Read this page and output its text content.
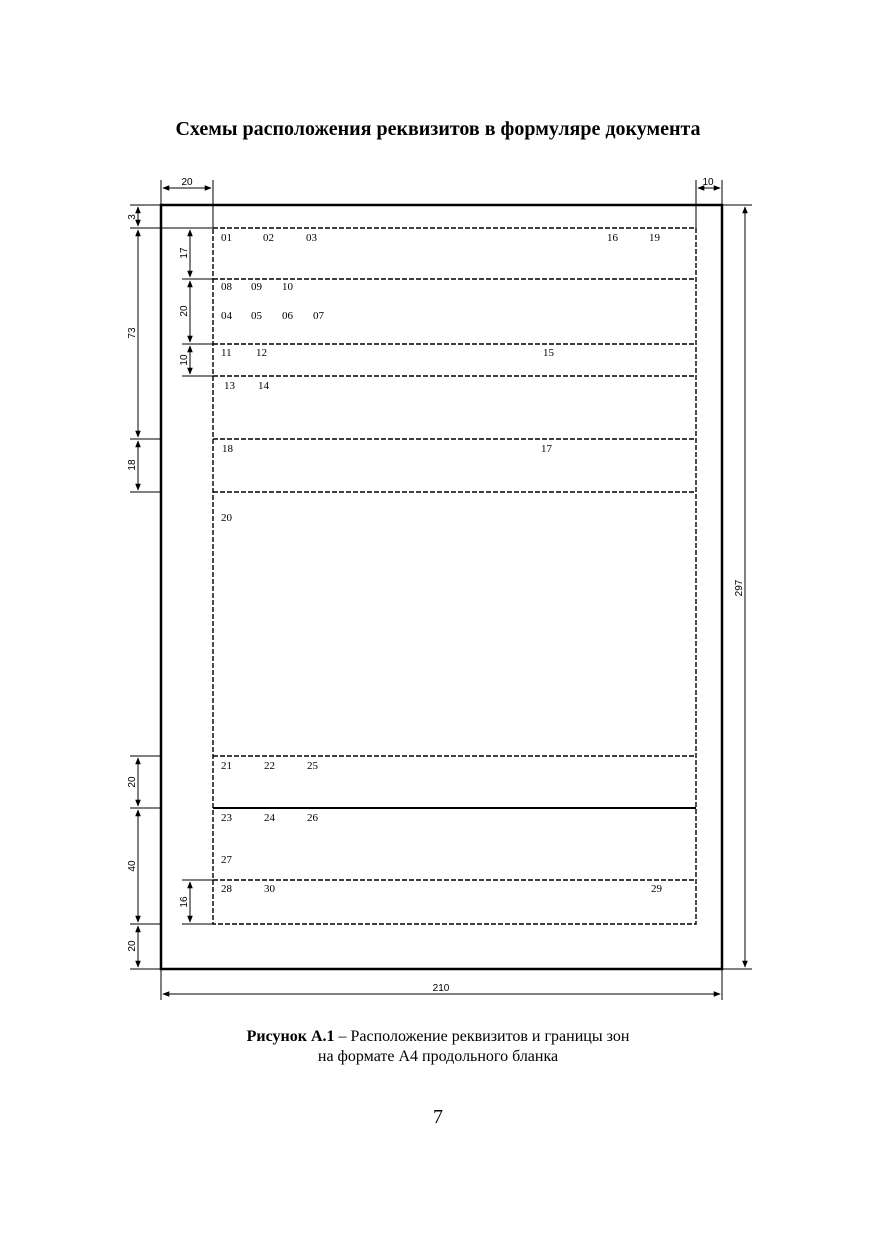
Схемы расположения реквизитов в формуляре документа
20	10
297
210
3
73
18
20
40
20
17
20
10
16
01	02	03	16	19
08 09 10
04 05 06 07
11 12	15
13 14
18	17
20
21	22	25
23	24	26
27
28	30	29
Рисунок А.1 – Расположение реквизитов и границы зон
на формате А4 продольного бланка
7
